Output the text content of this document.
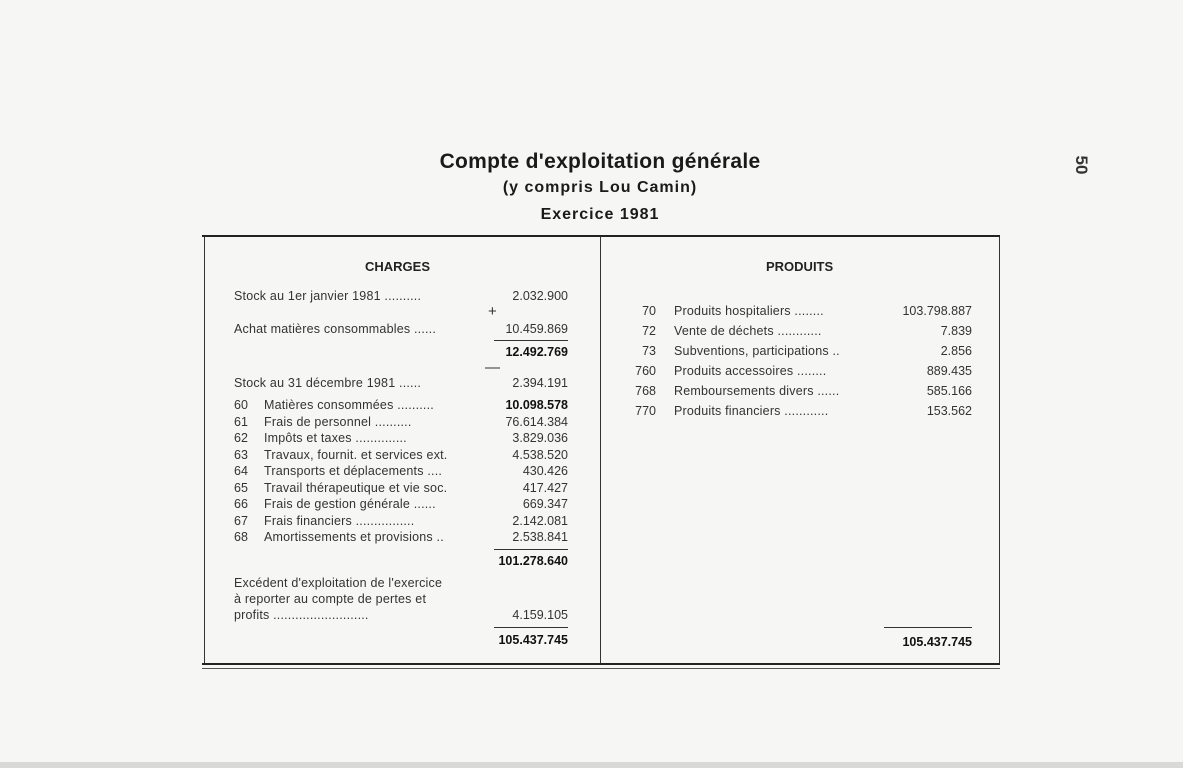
50
Compte d'exploitation générale
(y compris Lou Camin)
Exercice 1981
CHARGES	PRODUITS
Stock au 1er janvier 1981 ..........	2.032.900
+
Achat matières consommables ......	10.459.869
12.492.769
—
Stock au 31 décembre 1981 ......	2.394.191
60 Matières consommées ..........	10.098.578
61 Frais de personnel ..........	76.614.384
62 Impôts et taxes ..............	3.829.036
63 Travaux, fournit. et services ext.	4.538.520
64 Transports et déplacements ....	430.426
65 Travail thérapeutique et vie soc.	417.427
66 Frais de gestion générale ......	669.347
67 Frais financiers ................	2.142.081
68 Amortissements et provisions ..	2.538.841
101.278.640
Excédent d'exploitation de l'exercice
à reporter au compte de pertes et
profits ..........................	4.159.105
105.437.745
70 Produits hospitaliers ........	103.798.887
72 Vente de déchets ............	7.839
73 Subventions, participations ..	2.856
760 Produits accessoires ........	889.435
768 Remboursements divers ......	585.166
770 Produits financiers ............	153.562
105.437.745
